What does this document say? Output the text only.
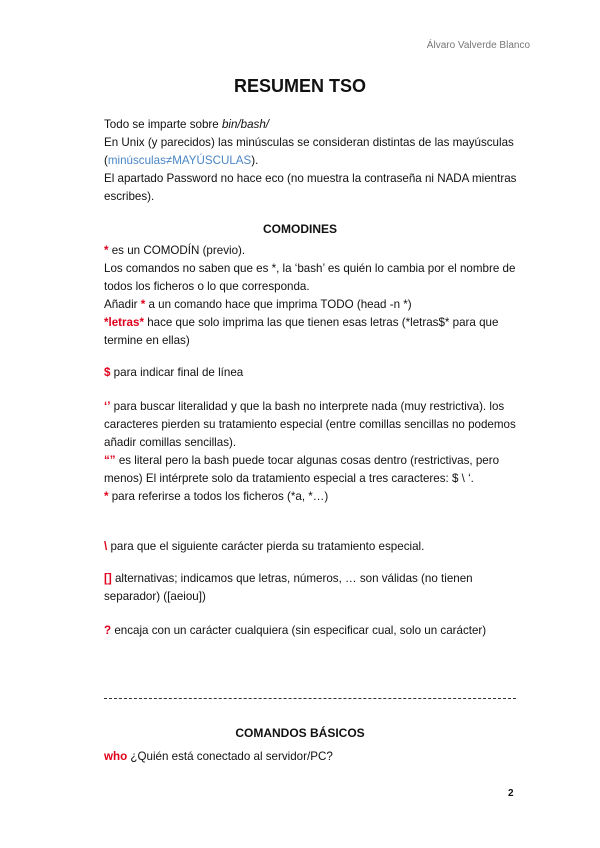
Álvaro Valverde Blanco
RESUMEN TSO

Todo se imparte sobre bin/bash/

En Unix (y parecidos) las minúsculas se consideran distintas de las mayúsculas (minúsculas≠MAYÚSCULAS).

El apartado Password no hace eco (no muestra la contraseña ni NADA mientras escribes).

COMODINES

* es un COMODÍN (previo).

Los comandos no saben que es *, la ‘bash’ es quién lo cambia por el nombre de todos los ficheros o lo que corresponda.

Añadir * a un comando hace que imprima TODO (head -n *)

*letras* hace que solo imprima las que tienen esas letras (*letras$* para que termine en ellas)

$ para indicar final de línea

‘’ para buscar literalidad y que la bash no interprete nada (muy restrictiva). los caracteres pierden su tratamiento especial (entre comillas sencillas no podemos añadir comillas sencillas).

“” es literal pero la bash puede tocar algunas cosas dentro (restrictivas, pero menos) El intérprete solo da tratamiento especial a tres caracteres: $ \ ‘.

* para referirse a todos los ficheros (*a, *…)

\ para que el siguiente carácter pierda su tratamiento especial.

[] alternativas; indicamos que letras, números, … son válidas (no tienen separador) ([aeiou])

? encaja con un carácter cualquiera (sin especificar cual, solo un carácter)

COMANDOS BÁSICOS

who ¿Quién está conectado al servidor/PC?

2
